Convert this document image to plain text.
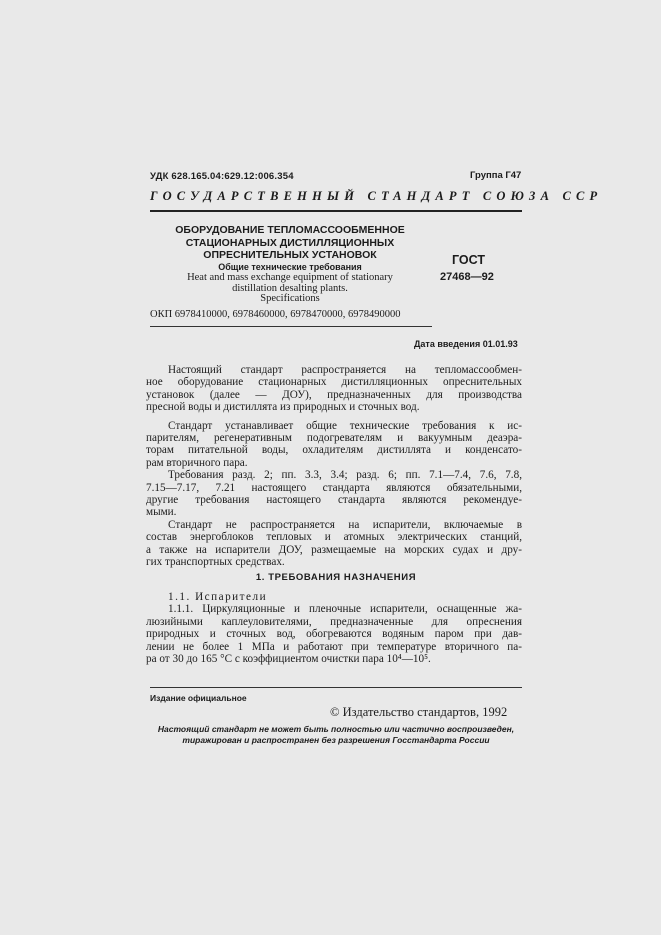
УДК 628.165.04:629.12:006.354	Группа Г47
ГОСУДАРСТВЕННЫЙ СТАНДАРТ СОЮЗА ССР
ОБОРУДОВАНИЕ ТЕПЛОМАССООБМЕННОЕ
СТАЦИОНАРНЫХ ДИСТИЛЛЯЦИОННЫХ
ОПРЕСНИТЕЛЬНЫХ УСТАНОВОК
Общие технические требования
Heat and mass exchange equipment of stationary
distillation desalting plants.
Specifications
ГОСТ
27468—92
ОКП 6978410000, 6978460000, 6978470000, 6978490000
Дата введения 01.01.93
Настоящий стандарт распространяется на тепломассообмен-
ное оборудование стационарных дистилляционных опреснительных
установок (далее — ДОУ), предназначенных для производства
пресной воды и дистиллята из природных и сточных вод.
Стандарт устанавливает общие технические требования к ис-
парителям, регенеративным подогревателям и вакуумным деаэра-
торам питательной воды, охладителям дистиллята и конденсато-
рам вторичного пара.
Требования разд. 2; пп. 3.3, 3.4; разд. 6; пп. 7.1—7.4, 7.6, 7.8,
7.15—7.17, 7.21 настоящего стандарта являются обязательными,
другие требования настоящего стандарта являются рекомендуе-
мыми.
Стандарт не распространяется на испарители, включаемые в
состав энергоблоков тепловых и атомных электрических станций,
а также на испарители ДОУ, размещаемые на морских судах и дру-
гих транспортных средствах.
1. ТРЕБОВАНИЯ НАЗНАЧЕНИЯ
1.1. Испарители
1.1.1. Циркуляционные и пленочные испарители, оснащенные жа-
люзийными каплеуловителями, предназначенные для опреснения
природных и сточных вод, обогреваются водяным паром при дав-
лении не более 1 МПа и работают при температуре вторичного па-
ра от 30 до 165 °С с коэффициентом очистки пара 10⁴—10⁵.
Издание официальное
© Издательство стандартов, 1992
Настоящий стандарт не может быть полностью или частично воспроизведен,
тиражирован и распространен без разрешения Госстандарта России
